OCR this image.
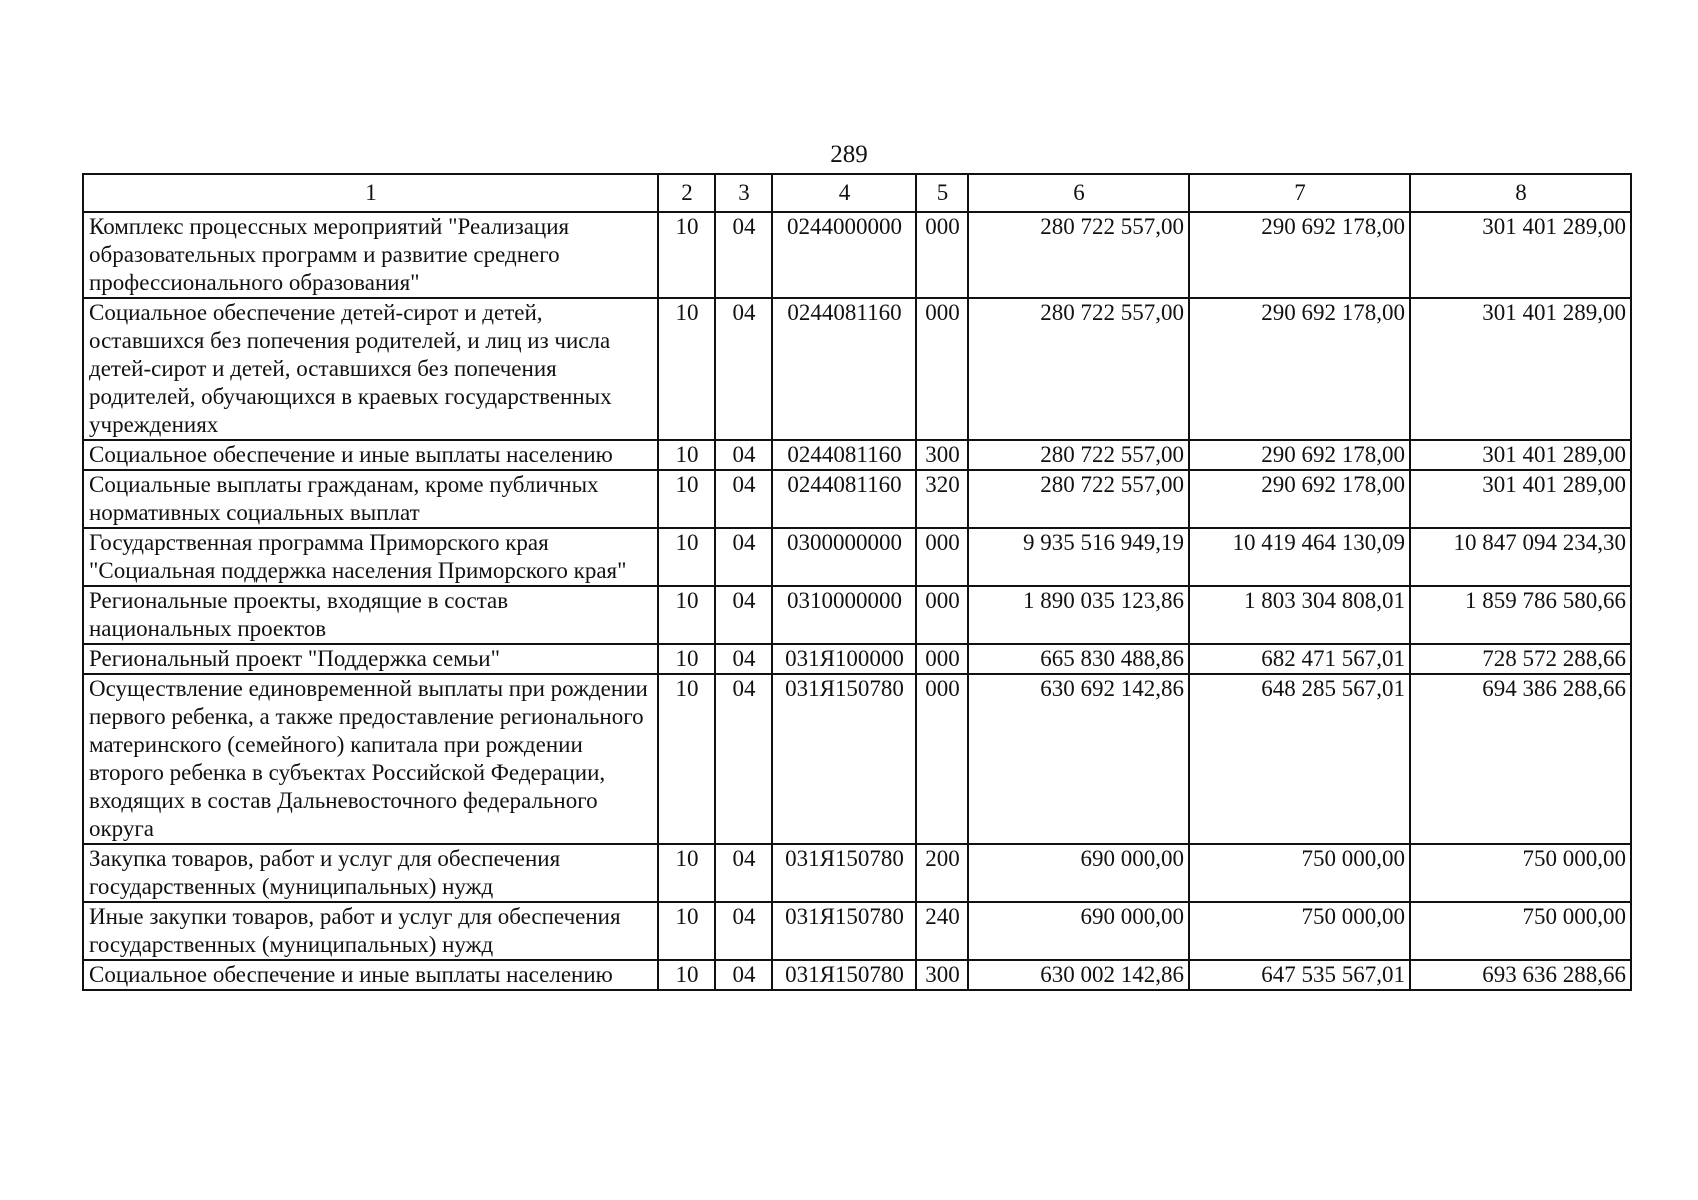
289
1	2	3	4	5	6	7	8
Комплекс процессных мероприятий "Реализация образовательных программ и развитие среднего профессионального образования"	10	04	0244000000	000	280 722 557,00	290 692 178,00	301 401 289,00
Социальное обеспечение детей-сирот и детей, оставшихся без попечения родителей, и лиц из числа детей-сирот и детей, оставшихся без попечения родителей, обучающихся в краевых государственных учреждениях	10	04	0244081160	000	280 722 557,00	290 692 178,00	301 401 289,00
Социальное обеспечение и иные выплаты населению	10	04	0244081160	300	280 722 557,00	290 692 178,00	301 401 289,00
Социальные выплаты гражданам, кроме публичных нормативных социальных выплат	10	04	0244081160	320	280 722 557,00	290 692 178,00	301 401 289,00
Государственная программа Приморского края "Социальная поддержка населения Приморского края"	10	04	0300000000	000	9 935 516 949,19	10 419 464 130,09	10 847 094 234,30
Региональные проекты, входящие в состав национальных проектов	10	04	0310000000	000	1 890 035 123,86	1 803 304 808,01	1 859 786 580,66
Региональный проект "Поддержка семьи"	10	04	031Я100000	000	665 830 488,86	682 471 567,01	728 572 288,66
Осуществление единовременной выплаты при рождении первого ребенка, а также предоставление регионального материнского (семейного) капитала при рождении второго ребенка в субъектах Российской Федерации, входящих в состав Дальневосточного федерального округа	10	04	031Я150780	000	630 692 142,86	648 285 567,01	694 386 288,66
Закупка товаров, работ и услуг для обеспечения государственных (муниципальных) нужд	10	04	031Я150780	200	690 000,00	750 000,00	750 000,00
Иные закупки товаров, работ и услуг для обеспечения государственных (муниципальных) нужд	10	04	031Я150780	240	690 000,00	750 000,00	750 000,00
Социальное обеспечение и иные выплаты населению	10	04	031Я150780	300	630 002 142,86	647 535 567,01	693 636 288,66
